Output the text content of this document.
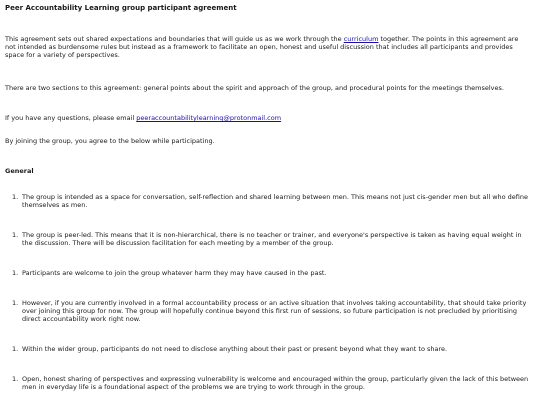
Peer Accountability Learning group participant agreement

This agreement sets out shared expectations and boundaries that will guide us as we work through the curriculum together. The points in this agreement are not intended as burdensome rules but instead as a framework to facilitate an open, honest and useful discussion that includes all participants and provides space for a variety of perspectives.

There are two sections to this agreement: general points about the spirit and approach of the group, and procedural points for the meetings themselves.

If you have any questions, please email peeraccountabilitylearning@protonmail.com

By joining the group, you agree to the below while participating.

General
1. The group is intended as a space for conversation, self-reflection and shared learning between men. This means not just cis-gender men but all who define themselves as men.
1. The group is peer-led. This means that it is non-hierarchical, there is no teacher or trainer, and everyone's perspective is taken as having equal weight in the discussion. There will be discussion facilitation for each meeting by a member of the group.
1. Participants are welcome to join the group whatever harm they may have caused in the past.
1. However, if you are currently involved in a formal accountability process or an active situation that involves taking accountability, that should take priority over joining this group for now. The group will hopefully continue beyond this first run of sessions, so future participation is not precluded by prioritising direct accountability work right now.
1. Within the wider group, participants do not need to disclose anything about their past or present beyond what they want to share.
1. Open, honest sharing of perspectives and expressing vulnerability is welcome and encouraged within the group, particularly given the lack of this between men in everyday life is a foundational aspect of the problems we are trying to work through in the group.
